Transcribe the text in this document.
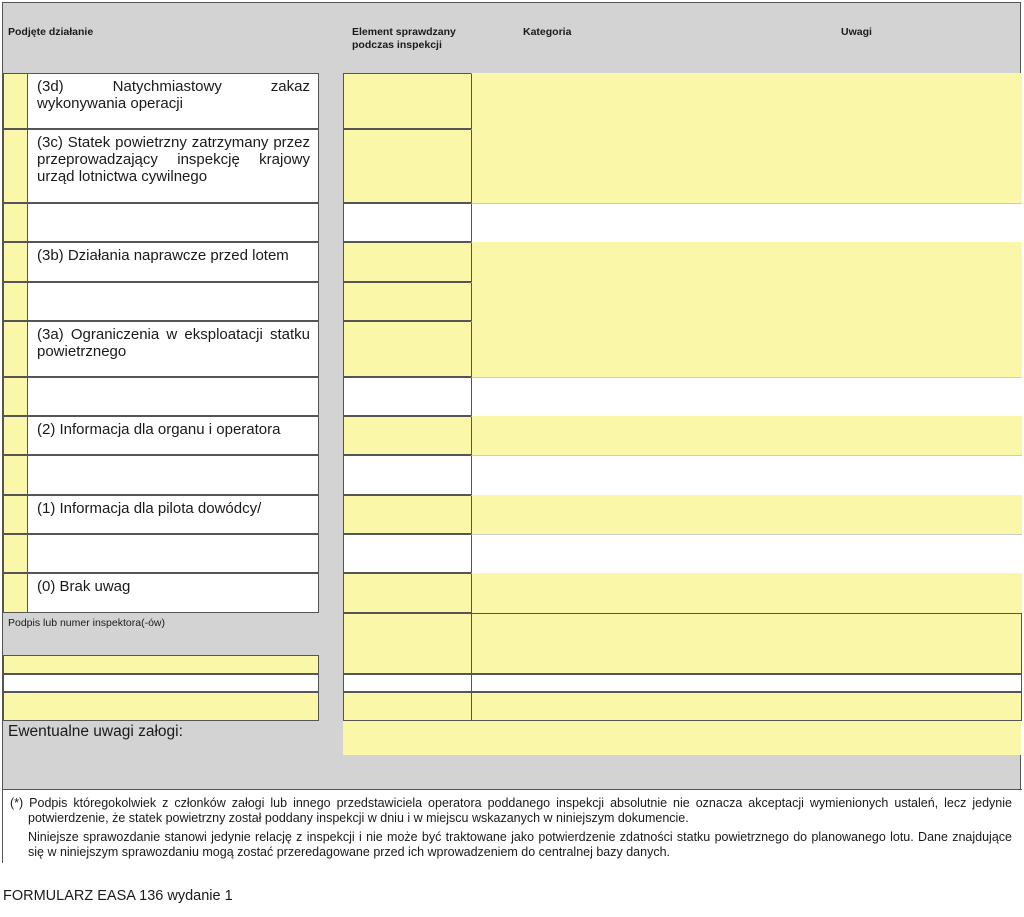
Podjęte działanie	Element sprawdzany podczas inspekcji
Kategoria	Uwagi
(3d) Natychmiastowy zakaz wykonywania operacji
(3c) Statek powietrzny zatrzymany przez przeprowadzający inspekcję krajowy urząd lotnictwa cywilnego
(3b) Działania naprawcze przed lotem
(3a) Ograniczenia w eksploatacji statku powietrznego
(2) Informacja dla organu i operatora
(1) Informacja dla pilota dowódcy/
(0) Brak uwag
Podpis lub numer inspektora(-ów)
Ewentualne uwagi załogi:
(*) Podpis któregokolwiek z członków załogi lub innego przedstawiciela operatora poddanego inspekcji absolutnie nie oznacza akceptacji wymienionych ustaleń, lecz jedynie potwierdzenie, że statek powietrzny został poddany inspekcji w dniu i w miejscu wskazanych w niniejszym dokumencie.
Niniejsze sprawozdanie stanowi jedynie relację z inspekcji i nie może być traktowane jako potwierdzenie zdatności statku powietrznego do planowanego lotu. Dane znajdujące się w niniejszym sprawozdaniu mogą zostać przeredagowane przed ich wprowadzeniem do centralnej bazy danych.
FORMULARZ EASA 136 wydanie 1
